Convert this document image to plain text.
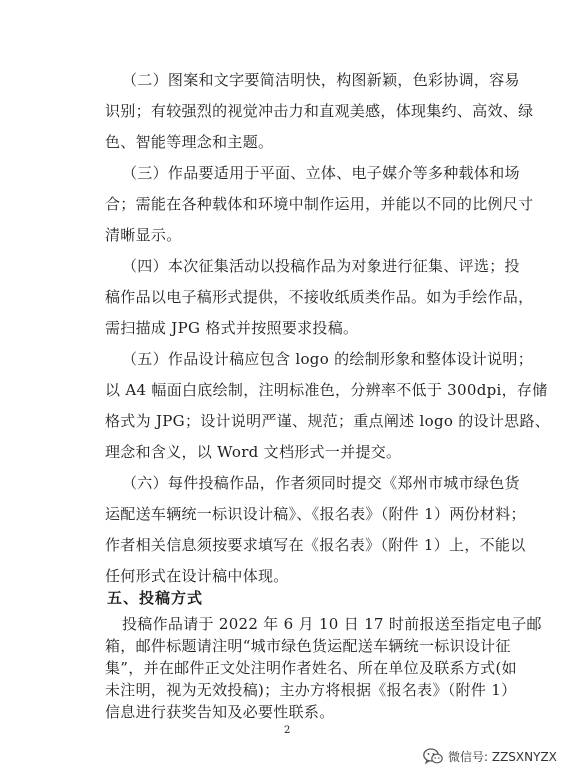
（二）图案和文字要简洁明快，构图新颖，色彩协调，容易
识别；有较强烈的视觉冲击力和直观美感，体现集约、高效、绿
色、智能等理念和主题。
（三）作品要适用于平面、立体、电子媒介等多种载体和场
合；需能在各种载体和环境中制作运用，并能以不同的比例尺寸
清晰显示。
（四）本次征集活动以投稿作品为对象进行征集、评选；投
稿作品以电子稿形式提供，不接收纸质类作品。如为手绘作品，
需扫描成 JPG 格式并按照要求投稿。
（五）作品设计稿应包含 logo 的绘制形象和整体设计说明；
以 A4 幅面白底绘制，注明标准色，分辨率不低于 300dpi，存储
格式为 JPG；设计说明严谨、规范；重点阐述 logo 的设计思路、
理念和含义，以 Word 文档形式一并提交。
（六）每件投稿作品，作者须同时提交《郑州市城市绿色货
运配送车辆统一标识设计稿》、《报名表》（附件 1）两份材料；
作者相关信息须按要求填写在《报名表》（附件 1）上，不能以
任何形式在设计稿中体现。
五、投稿方式
投稿作品请于 2022 年 6 月 10 日 17 时前报送至指定电子邮
箱，邮件标题请注明“城市绿色货运配送车辆统一标识设计征
集”，并在邮件正文处注明作者姓名、所在单位及联系方式(如
2
微信号: ZZSXNYZX
未注明，视为无效投稿)；主办方将根据《报名表》（附件 1）
信息进行获奖告知及必要性联系。
